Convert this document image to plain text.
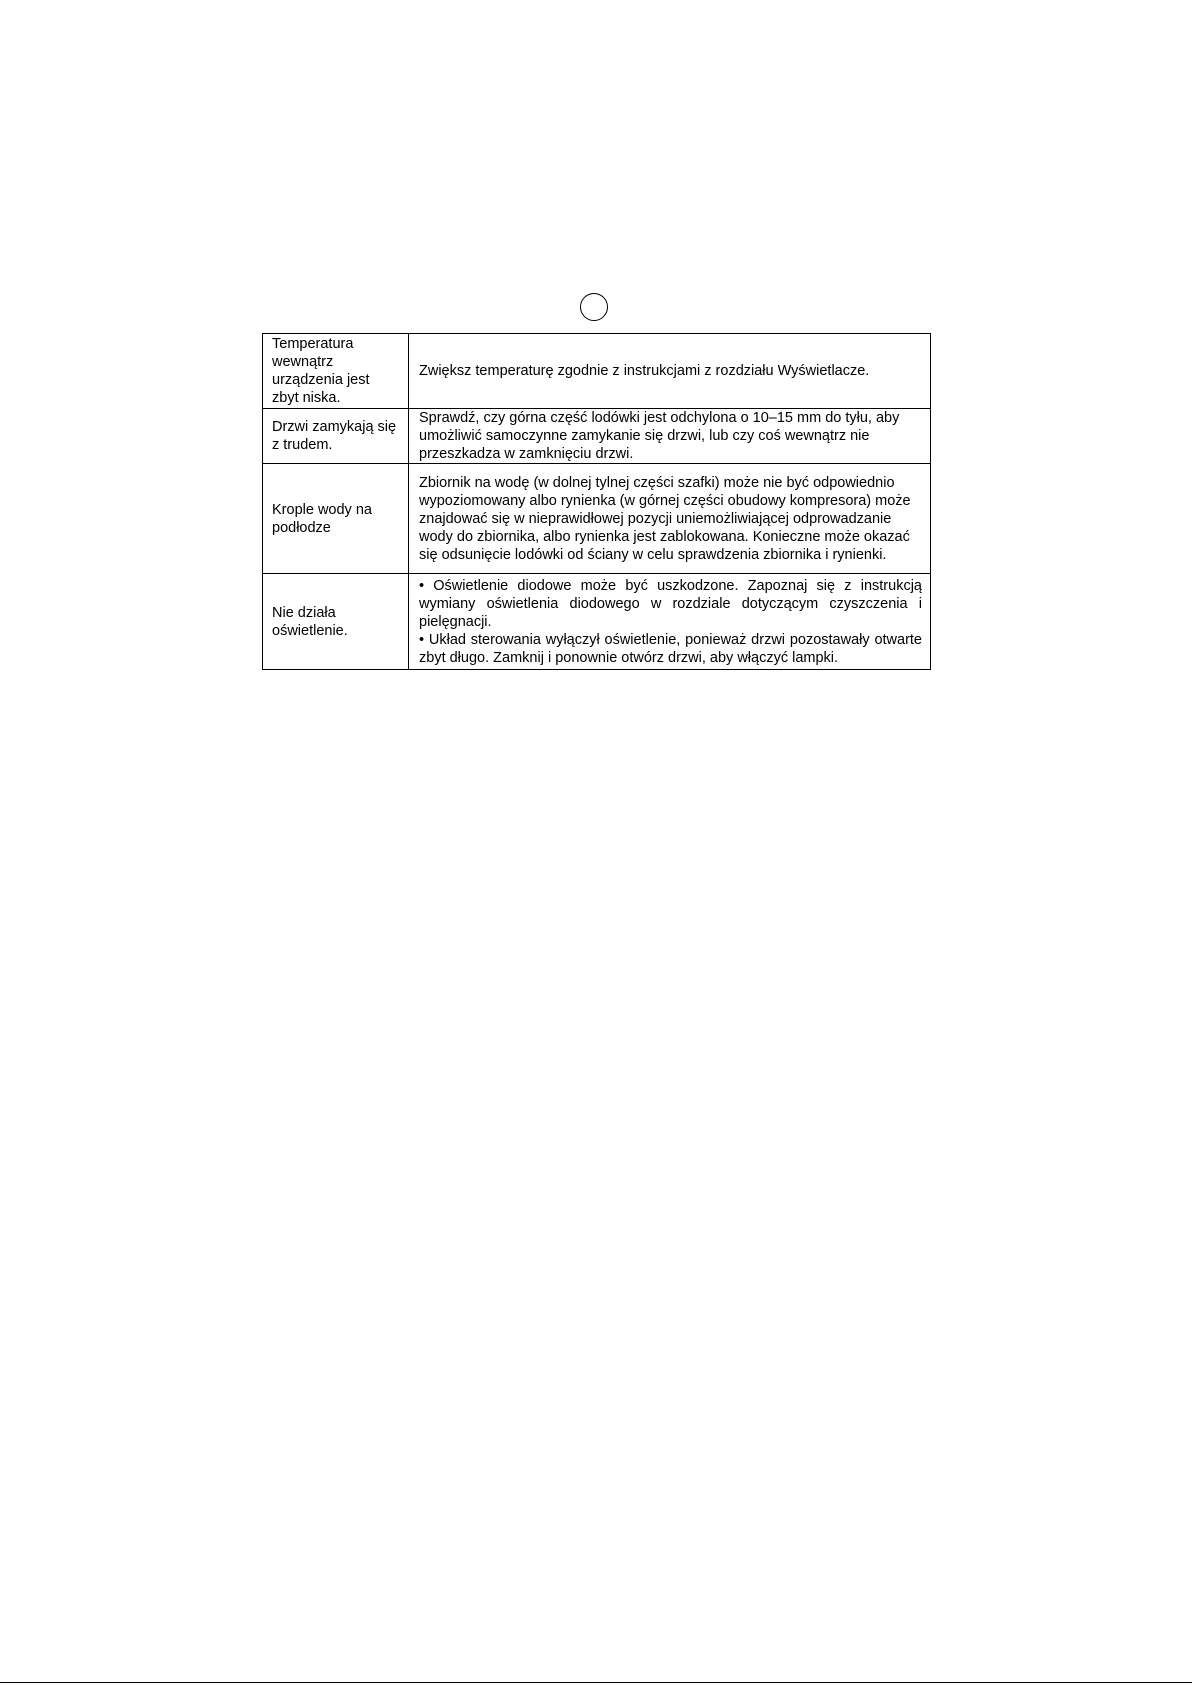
Temperatura wewnątrz urządzenia jest zbyt niska.	Zwiększ temperaturę zgodnie z instrukcjami z rozdziału Wyświetlacze.
Drzwi zamykają się z trudem.	Sprawdź, czy górna część lodówki jest odchylona o 10–15 mm do tyłu, aby umożliwić samoczynne zamykanie się drzwi, lub czy coś wewnątrz nie przeszkadza w zamknięciu drzwi.
Krople wody na podłodze	Zbiornik na wodę (w dolnej tylnej części szafki) może nie być odpowiednio wypoziomowany albo rynienka (w górnej części obudowy kompresora) może znajdować się w nieprawidłowej pozycji uniemożliwiającej odprowadzanie wody do zbiornika, albo rynienka jest zablokowana. Konieczne może okazać się odsunięcie lodówki od ściany w celu sprawdzenia zbiornika i rynienki.
Nie działa oświetlenie.	• Oświetlenie diodowe może być uszkodzone. Zapoznaj się z instrukcją wymiany oświetlenia diodowego w rozdziale dotyczącym czyszczenia i pielęgnacji.
• Układ sterowania wyłączył oświetlenie, ponieważ drzwi pozostawały otwarte zbyt długo. Zamknij i ponownie otwórz drzwi, aby włączyć lampki.
